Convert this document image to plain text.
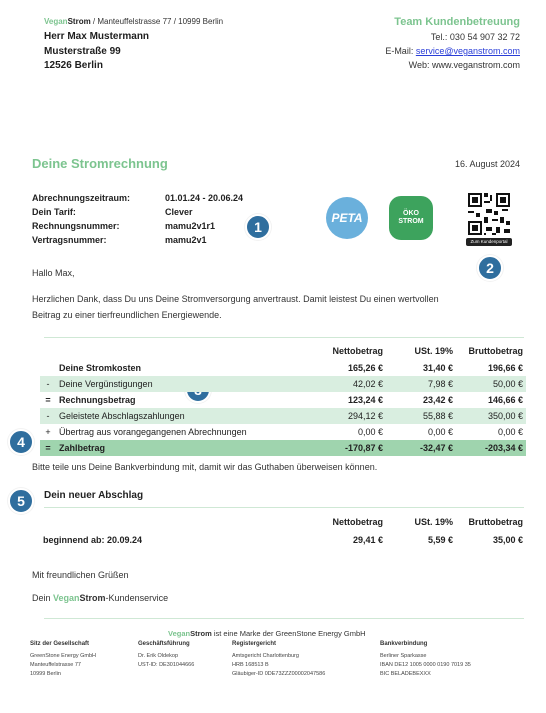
VeganStrom / Manteuffelstrasse 77 / 10999 Berlin
Herr Max Mustermann
Musterstraße 99
12526 Berlin
Team Kundenbetreuung
Tel.: 030 54 907 32 72
E-Mail: service@veganstrom.com
Web: www.veganstrom.com
Deine Stromrechnung	16. August 2024
Abrechnungszeitraum:	01.01.24 - 20.06.24
Dein Tarif:	Clever
Rechnungsnummer:	mamu2v1r1
Vertragsnummer:	mamu2v1
PETA	ÖKO
STROM
Zum Kundenportal
1
2
4
5
Hallo Max,
Herzlichen Dank, dass Du uns Deine Stromversorgung anvertraust. Damit leistest Du einen wertvollen
Beitrag zu einer tierfreundlichen Energiewende.
		Nettobetrag	USt. 19%	Bruttobetrag
	Deine Stromkosten	165,26 €	31,40 €	196,66 €
-	Deine Vergünstigungen	42,02 €	7,98 €	50,00 €
=	Rechnungsbetrag	123,24 €	23,42 €	146,66 €
-	Geleistete Abschlagszahlungen	294,12 €	55,88 €	350,00 €
+	Übertrag aus vorangegangenen Abrechnungen	0,00 €	0,00 €	0,00 €
=	Zahlbetrag	-170,87 €	-32,47 €	-203,34 €
Bitte teile uns Deine Bankverbindung mit, damit wir das Guthaben überweisen können.
Dein neuer Abschlag
	Nettobetrag	USt. 19%	Bruttobetrag
beginnend ab: 20.09.24	29,41 €	5,59 €	35,00 €
Mit freundlichen Grüßen
Dein VeganStrom-Kundenservice
VeganStrom ist eine Marke der GreenStone Energy GmbH
Sitz der Gesellschaft
GreenStone Energy GmbH
Manteuffelstrasse 77
10999 Berlin
Geschäftsführung
Dr. Erik Oldekop
UST-ID: DE301044666
Registergericht
Amtsgericht Charlottenburg
HRB 168513 B
Gläubiger-ID 0DE73ZZZ00002047586
Bankverbindung
Berliner Sparkasse
IBAN DE12 1005 0000 0190 7019 35
BIC BELADEBEXXX
